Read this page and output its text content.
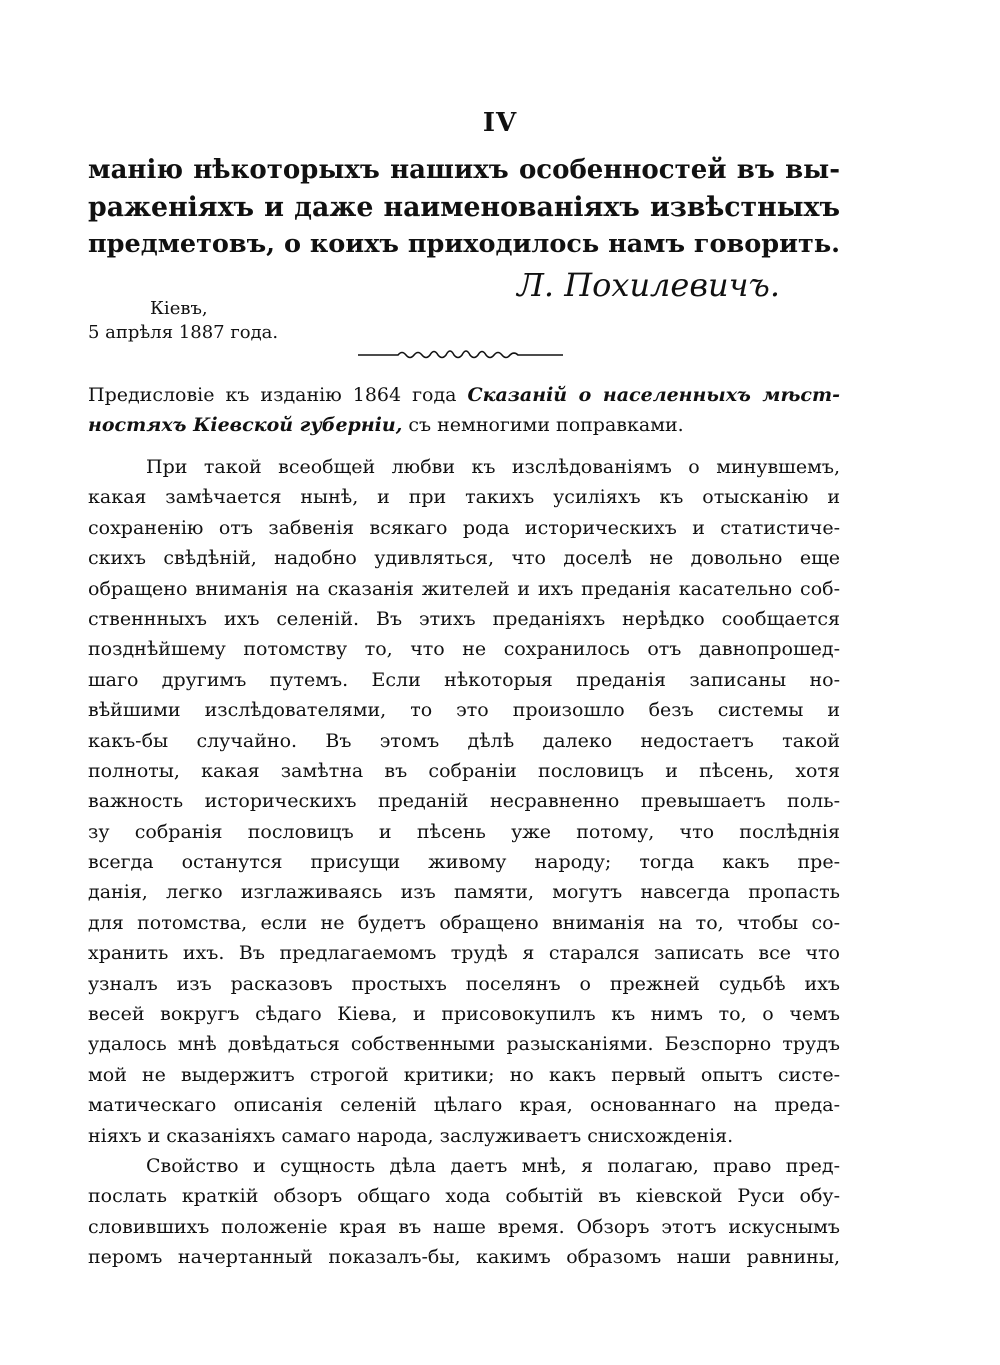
IV
манію нѣкоторыхъ нашихъ особенностей въ вы-
раженіяхъ и даже наименованіяхъ извѣстныхъ
предметовъ, о коихъ приходилось намъ говорить.
Л. Похилевичъ.
Кіевъ,
5 апрѣля 1887 года.
Предисловіе къ изданію 1864 года Сказаній о населенныхъ мѣст-
ностяхъ Кіевской губерніи, съ немногими поправками.
При такой всеобщей любви къ изслѣдованіямъ о минувшемъ,
какая замѣчается нынѣ, и при такихъ усиліяхъ къ отысканію и
сохраненію отъ забвенія всякаго рода историческихъ и статистиче-
скихъ свѣдѣній, надобно удивляться, что доселѣ не довольно еще
обращено вниманія на сказанія жителей и ихъ преданія касательно соб-
ственнныхъ ихъ селеній. Въ этихъ преданіяхъ нерѣдко сообщается
позднѣйшему потомству то, что не сохранилось отъ давнопрошед-
шаго другимъ путемъ. Если нѣкоторыя преданія записаны но-
вѣйшими изслѣдователями, то это произошло безъ системы и
какъ-бы случайно. Въ этомъ дѣлѣ далеко недостаетъ такой
полноты, какая замѣтна въ собраніи пословицъ и пѣсень, хотя
важность историческихъ преданій несравненно превышаетъ поль-
зу собранія пословицъ и пѣсень уже потому, что послѣднія
всегда останутся присущи живому народу; тогда какъ пре-
данія, легко изглаживаясь изъ памяти, могутъ навсегда пропасть
для потомства, если не будетъ обращено вниманія на то, чтобы со-
хранить ихъ. Въ предлагаемомъ трудѣ я старался записать все что
узналъ изъ расказовъ простыхъ поселянъ о прежней судьбѣ ихъ
весей вокругъ сѣдаго Кіева, и присовокупилъ къ нимъ то, о чемъ
удалось мнѣ довѣдаться собственными разысканіями. Безспорно трудъ
мой не выдержитъ строгой критики; но какъ первый опытъ систе-
матическаго описанія селеній цѣлаго края, основаннаго на преда-
ніяхъ и сказаніяхъ самаго народа, заслуживаетъ снисхожденія.
Свойство и сущность дѣла даетъ мнѣ, я полагаю, право пред-
послать краткій обзоръ общаго хода событій въ кіевской Руси обу-
словившихъ положеніе края въ наше время. Обзоръ этотъ искуснымъ
перомъ начертанный показалъ-бы, какимъ образомъ наши равнины,
